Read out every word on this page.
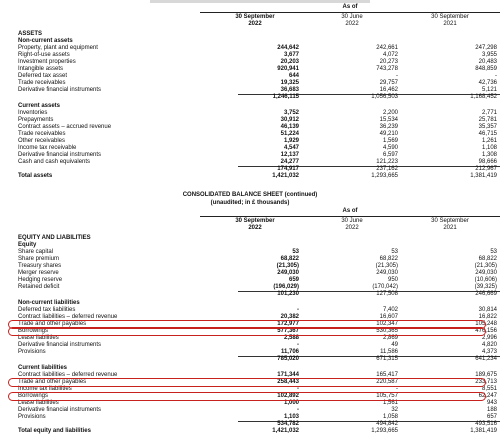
As of
30 September
2022
30 June
2022
30 September
2021
ASSETS
Non-current assets
Property, plant and equipment	244,642	242,661	247,298
Right-of-use assets	3,677	4,072	3,955
Investment properties	20,203	20,273	20,483
Intangible assets	920,941	743,278	848,859
Deferred tax asset	644	-	-
Trade receivables	19,325	29,757	42,736
Derivative financial instruments	36,683	16,462	5,121
1,246,115	1,056,503	1,168,452
Current assets
Inventories	3,752	2,200	2,771
Prepayments	30,912	15,534	25,781
Contract assets – accrued revenue	46,139	36,239	35,357
Trade receivables	51,224	49,210	46,715
Other receivables	1,929	1,569	1,261
Income tax receivable	4,547	4,590	1,108
Derivative financial instruments	12,137	6,597	1,308
Cash and cash equivalents	24,277	121,223	98,666
174,917	237,162	212,967
Total assets	1,421,032	1,293,665	1,381,419
CONSOLIDATED BALANCE SHEET (continued)
(unaudited; in £ thousands)
As of
30 September
2022
30 June
2022
30 September
2021
EQUITY AND LIABILITIES
Equity
Share capital	53	53	53
Share premium	68,822	68,822	68,822
Treasury shares	(21,305)	(21,305)	(21,305)
Merger reserve	249,030	249,030	249,030
Hedging reserve	659	950	(10,606)
Retained deficit	(196,029)	(170,042)	(39,325)
101,230	127,508	246,669
Non-current liabilities
Deferred tax liabilities	-	7,402	30,814
Contract liabilities – deferred revenue	20,382	16,607	16,822
Trade and other payables	172,977	102,347	105,248
Borrowings	577,367	530,365	476,156
Lease liabilities	2,588	2,869	2,996
Derivative financial instruments	-	49	4,820
Provisions	11,706	11,586	4,373
785,020	671,315	641,234
Current liabilities
Contract liabilities – deferred revenue	171,344	165,417	189,675
Trade and other payables	258,443	220,587	233,713
Income tax liabilities	-	-	8,551
Borrowings	102,892	105,757	62,247
Lease liabilities	1,000	1,561	943
Derivative financial instruments	-	32	188
Provisions	1,103	1,058	657
534,782	494,842	493,516
Total equity and liabilities	1,421,032	1,293,665	1,381,419
